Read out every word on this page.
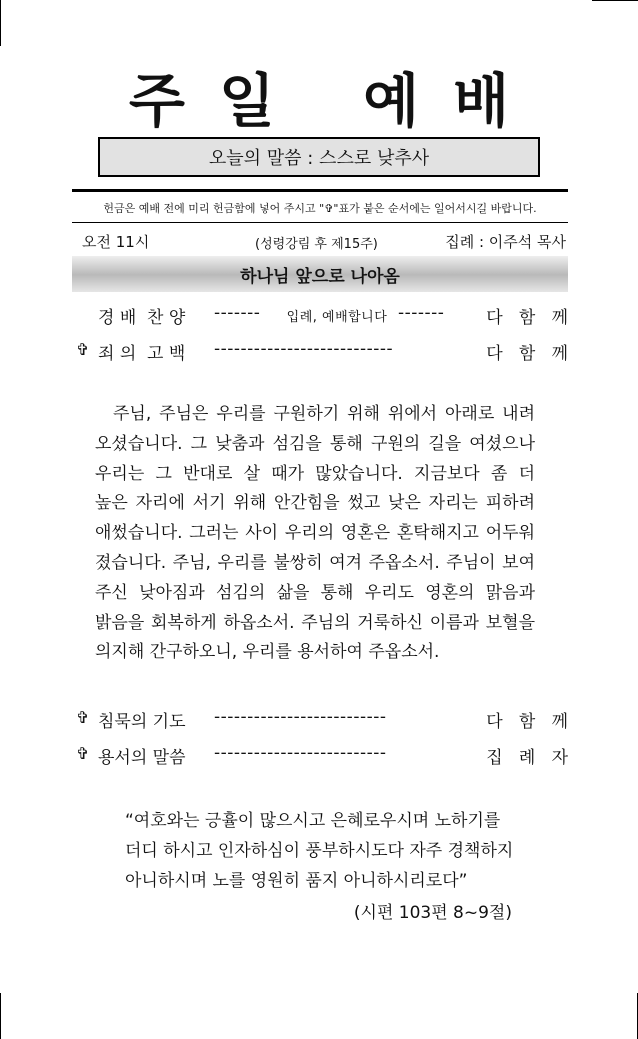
주일 예배
오늘의 말씀 : 스스로 낮추사
헌금은 예배 전에 미리 헌금함에 넣어 주시고 "✞"표가 붙은 순서에는 일어서시길 바랍니다.
오전 11시	(성령강림 후 제15주)	집례 : 이주석 목사
하나님 앞으로 나아옴
경 배  찬 양 ------- 입례, 예배합니다 ------- 다   함   께
✞ 죄 의  고 백 ---------------------------	다   함   께

주님, 주님은 우리를 구원하기 위해 위에서 아래로 내려

오셨습니다. 그 낮춤과 섬김을 통해 구원의 길을 여셨으나

우리는 그 반대로 살 때가 많았습니다. 지금보다 좀 더

높은 자리에 서기 위해 안간힘을 썼고 낮은 자리는 피하려

애썼습니다. 그러는 사이 우리의 영혼은 혼탁해지고 어두워

졌습니다. 주님, 우리를 불쌍히 여겨 주옵소서. 주님이 보여

주신 낮아짐과 섬김의 삶을 통해 우리도 영혼의 맑음과

밝음을 회복하게 하옵소서. 주님의 거룩하신 이름과 보혈을

의지해 간구하오니, 우리를 용서하여 주옵소서.

✞ 침묵의 기도 --------------------------	다   함   께
✞ 용서의 말씀 --------------------------	집   례   자

“여호와는 긍휼이 많으시고 은혜로우시며 노하기를

더디 하시고 인자하심이 풍부하시도다 자주 경책하지

아니하시며 노를 영원히 품지 아니하시리로다”

(시편 103편 8~9절)
